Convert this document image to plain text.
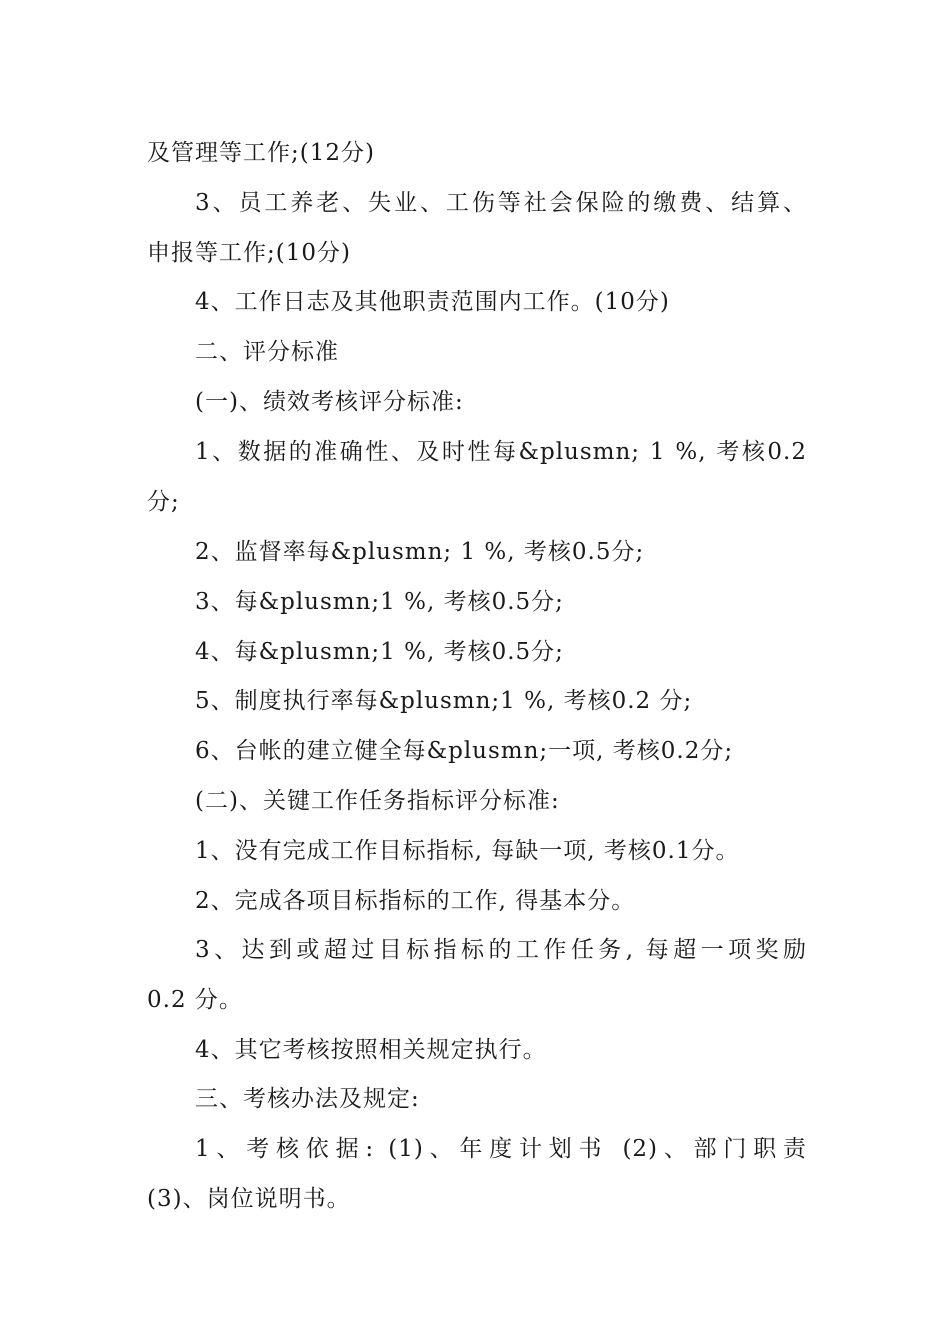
及管理等工作;(12分)
3、员工养老、失业、工伤等社会保险的缴费、结算、
申报等工作;(10分)
4、工作日志及其他职责范围内工作。(10分)
二、评分标准
(一)、绩效考核评分标准:
1、数据的准确性、及时性每&plusmn; 1 %, 考核0.2
分;
2、监督率每&plusmn; 1 %, 考核0.5分;
3、每&plusmn;1 %, 考核0.5分;
4、每&plusmn;1 %, 考核0.5分;
5、制度执行率每&plusmn;1 %, 考核0.2 分;
6、台帐的建立健全每&plusmn;一项, 考核0.2分;
(二)、关键工作任务指标评分标准:
1、没有完成工作目标指标, 每缺一项, 考核0.1分。
2、完成各项目标指标的工作, 得基本分。
3、达到或超过目标指标的工作任务, 每超一项奖励
0.2 分。
4、其它考核按照相关规定执行。
三、考核办法及规定:
1、考核依据: (1)、年度计划书 (2)、部门职责
(3)、岗位说明书。
